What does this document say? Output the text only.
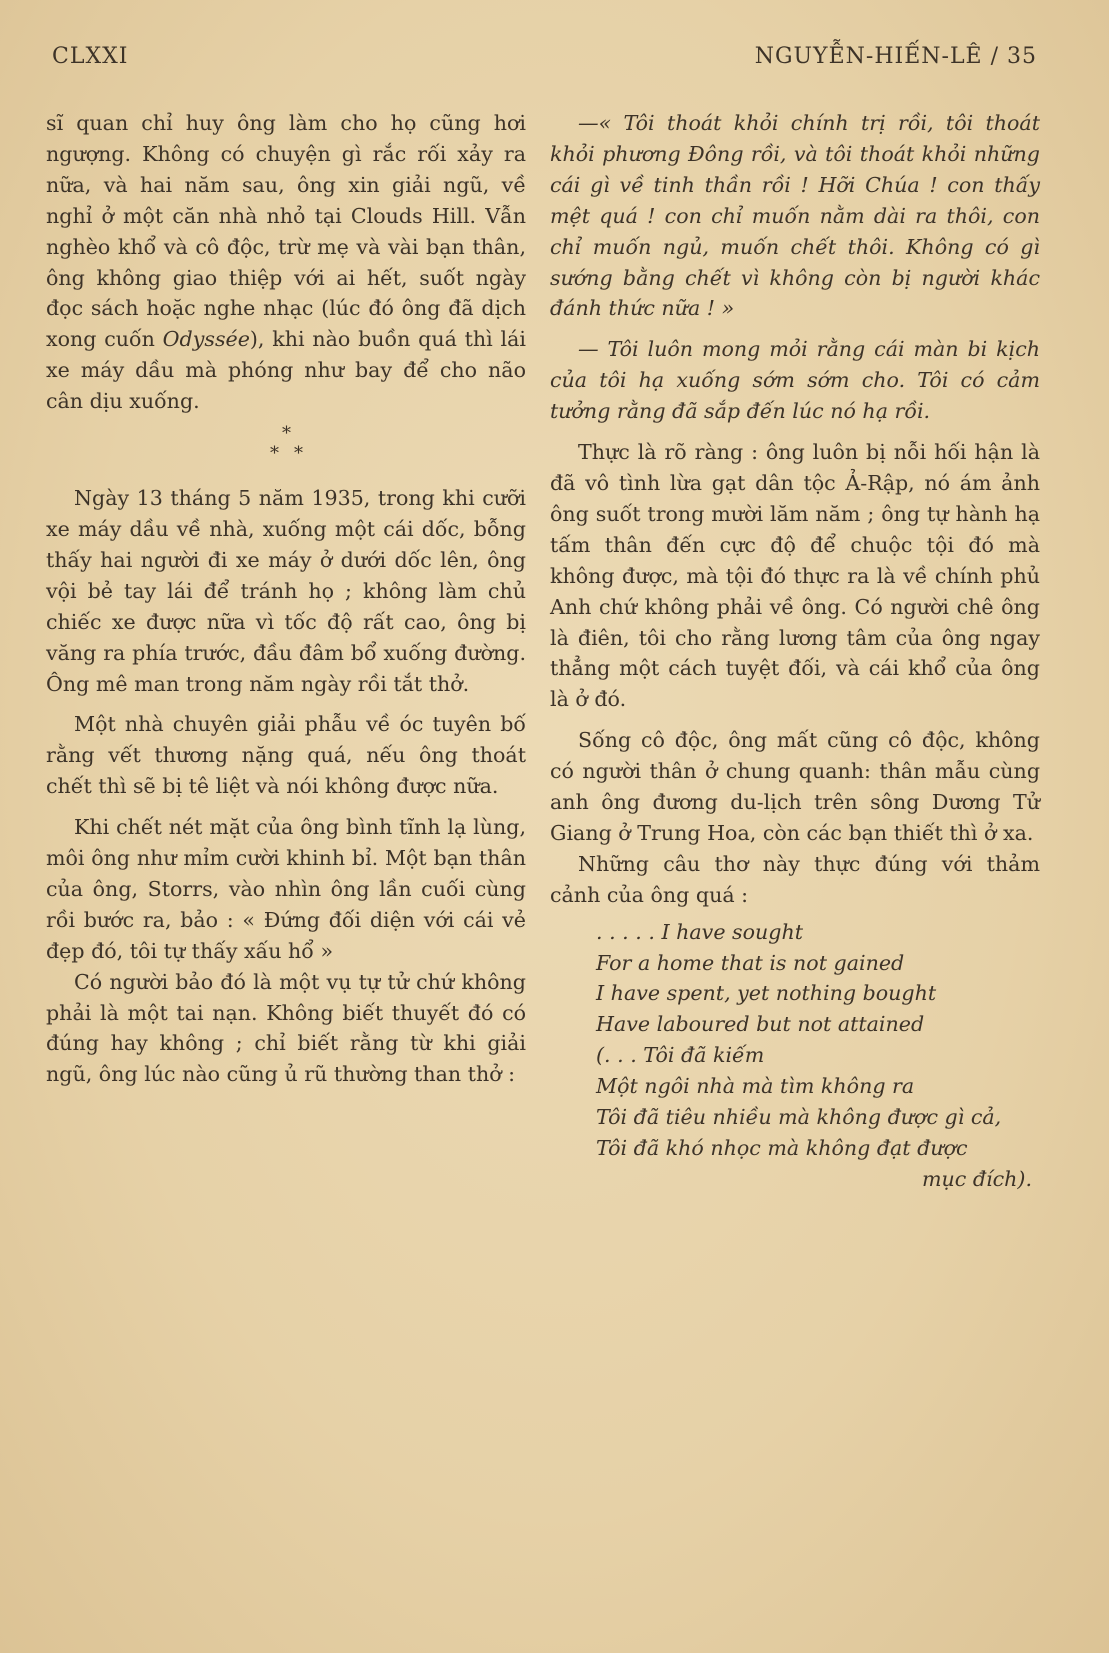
CLXXI	NGUYỄN-HIẾN-LÊ / 35

sĩ quan chỉ huy ông làm cho họ cũng hơi ngượng. Không có chuyện gì rắc rối xảy ra nữa, và hai năm sau, ông xin giải ngũ, về nghỉ ở một căn nhà nhỏ tại Clouds Hill. Vẫn nghèo khổ và cô độc, trừ mẹ và vài bạn thân, ông không giao thiệp với ai hết, suốt ngày đọc sách hoặc nghe nhạc (lúc đó ông đã dịch xong cuốn Odyssée), khi nào buồn quá thì lái xe máy dầu mà phóng như bay để cho não cân dịu xuống.

*
* *

Ngày 13 tháng 5 năm 1935, trong khi cưỡi xe máy dầu về nhà, xuống một cái dốc, bỗng thấy hai người đi xe máy ở dưới dốc lên, ông vội bẻ tay lái để tránh họ ; không làm chủ chiếc xe được nữa vì tốc độ rất cao, ông bị văng ra phía trước, đầu đâm bổ xuống đường. Ông mê man trong năm ngày rồi tắt thở.

Một nhà chuyên giải phẫu về óc tuyên bố rằng vết thương nặng quá, nếu ông thoát chết thì sẽ bị tê liệt và nói không được nữa.

Khi chết nét mặt của ông bình tĩnh lạ lùng, môi ông như mỉm cười khinh bỉ. Một bạn thân của ông, Storrs, vào nhìn ông lần cuối cùng rồi bước ra, bảo : « Đứng đối diện với cái vẻ đẹp đó, tôi tự thấy xấu hổ »

Có người bảo đó là một vụ tự tử chứ không phải là một tai nạn. Không biết thuyết đó có đúng hay không ; chỉ biết rằng từ khi giải ngũ, ông lúc nào cũng ủ rũ thường than thở :

—« Tôi thoát khỏi chính trị rồi, tôi thoát khỏi phương Đông rồi, và tôi thoát khỏi những cái gì về tinh thần rồi ! Hỡi Chúa ! con thấy mệt quá ! con chỉ muốn nằm dài ra thôi, con chỉ muốn ngủ, muốn chết thôi. Không có gì sướng bằng chết vì không còn bị người khác đánh thức nữa ! »

— Tôi luôn mong mỏi rằng cái màn bi kịch của tôi hạ xuống sớm sớm cho. Tôi có cảm tưởng rằng đã sắp đến lúc nó hạ rồi.

Thực là rõ ràng : ông luôn bị nỗi hối hận là đã vô tình lừa gạt dân tộc Ả-Rập, nó ám ảnh ông suốt trong mười lăm năm ; ông tự hành hạ tấm thân đến cực độ để chuộc tội đó mà không được, mà tội đó thực ra là về chính phủ Anh chứ không phải về ông. Có người chê ông là điên, tôi cho rằng lương tâm của ông ngay thẳng một cách tuyệt đối, và cái khổ của ông là ở đó.

Sống cô độc, ông mất cũng cô độc, không có người thân ở chung quanh: thân mẫu cùng anh ông đương du-lịch trên sông Dương Tử Giang ở Trung Hoa, còn các bạn thiết thì ở xa.

Những câu thơ này thực đúng với thảm cảnh của ông quá :

. . . . . I have sought

For a home that is not gained

I have spent, yet nothing bought

Have laboured but not attained

(. . . Tôi đã kiếm

Một ngôi nhà mà tìm không ra

Tôi đã tiêu nhiều mà không được gì cả,

Tôi đã khó nhọc mà không đạt được

mục đích).
